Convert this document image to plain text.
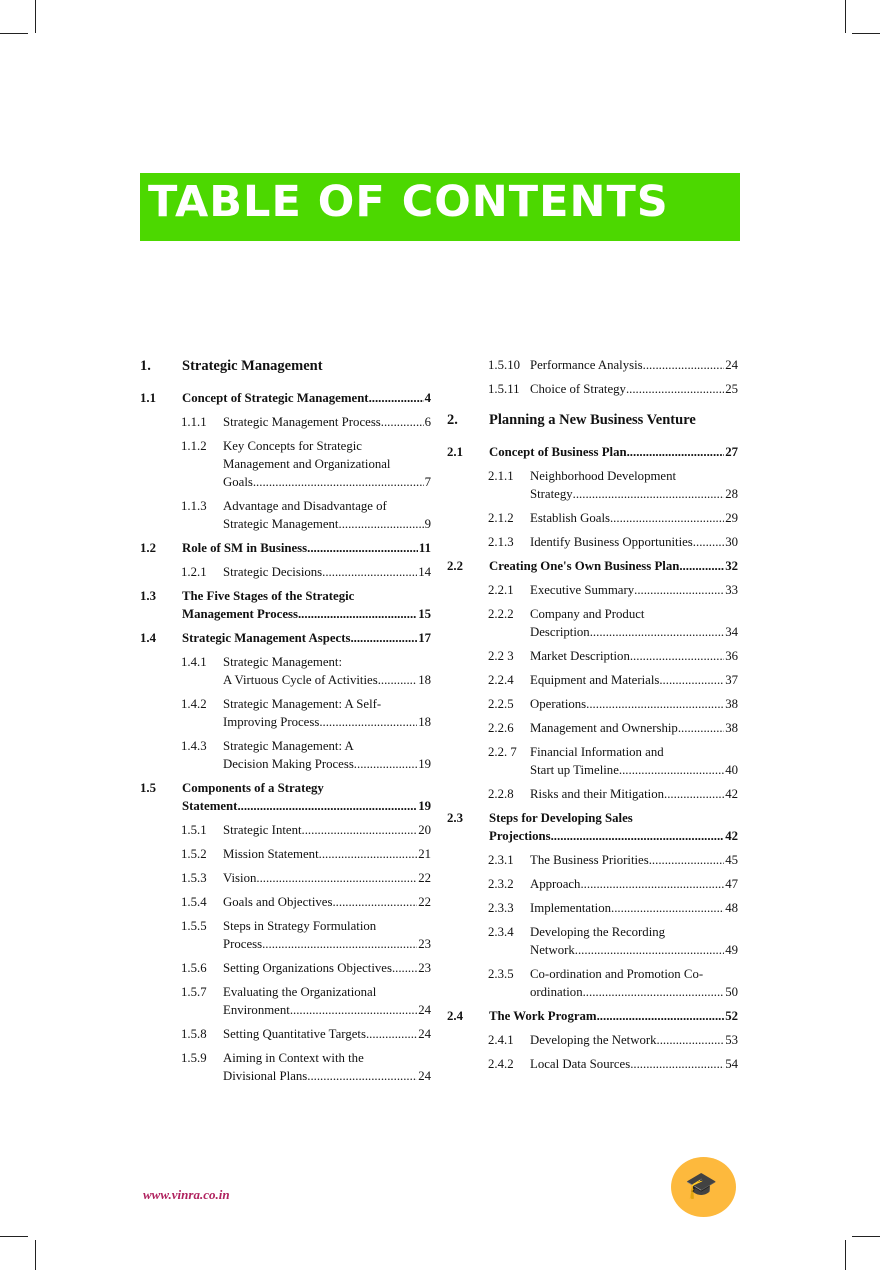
TABLE OF CONTENTS
1.	Strategic Management
1.1	Concept of Strategic Management .....	4
1.1.1	Strategic Management Process .....	6
1.1.2	Key Concepts for Strategic
Management and Organizational
Goals .....	7
1.1.3	Advantage and Disadvantage of
Strategic Management .....	9
1.2	Role of SM in Business .....	11
1.2.1	Strategic Decisions .....	14
1.3	The Five Stages of the Strategic
Management Process .....	15
1.4	Strategic Management Aspects .....	17
1.4.1	Strategic Management:
A Virtuous Cycle of Activities .....	18
1.4.2	Strategic Management: A Self-
Improving Process .....	18
1.4.3	Strategic Management: A
Decision Making Process .....	19
1.5	Components of a Strategy
Statement .....	19
1.5.1	Strategic Intent .....	20
1.5.2	Mission Statement .....	21
1.5.3	Vision .....	22
1.5.4	Goals and Objectives .....	22
1.5.5	Steps in Strategy Formulation
Process .....	23
1.5.6	Setting Organizations Objectives ..... 23
1.5.7	Evaluating the Organizational
Environment .....	24
1.5.8	Setting Quantitative Targets .....	24
1.5.9	Aiming in Context with the
Divisional Plans .....	24
1.5.10 Performance Analysis .....	24
1.5.11 Choice of Strategy .....	25
2.	Planning a New Business Venture
2.1	Concept of Business Plan .....	27
2.1.1	Neighborhood Development
Strategy .....	28
2.1.2	Establish Goals .....	29
2.1.3	Identify Business Opportunities .....	30
2.2	Creating One's Own Business Plan .....	32
2.2.1	Executive Summary .....	33
2.2.2	Company and Product
Description .....	34
2.2 3	Market Description .....	36
2.2.4	Equipment and Materials .....	37
2.2.5	Operations .....	38
2.2.6	Management and Ownership .....	38
2.2. 7	Financial Information and
Start up Timeline .....	40
2.2.8	Risks and their Mitigation .....	42
2.3	Steps for Developing Sales
Projections .....	42
2.3.1	The Business Priorities .....	45
2.3.2	Approach .....	47
2.3.3	Implementation .....	48
2.3.4	Developing the Recording
Network .....	49
2.3.5	Co-ordination and Promotion Co-
ordination .....	50
2.4	The Work Program .....	52
2.4.1	Developing the Network .....	53
2.4.2	Local Data Sources .....	54
www.vinra.co.in	🎓
